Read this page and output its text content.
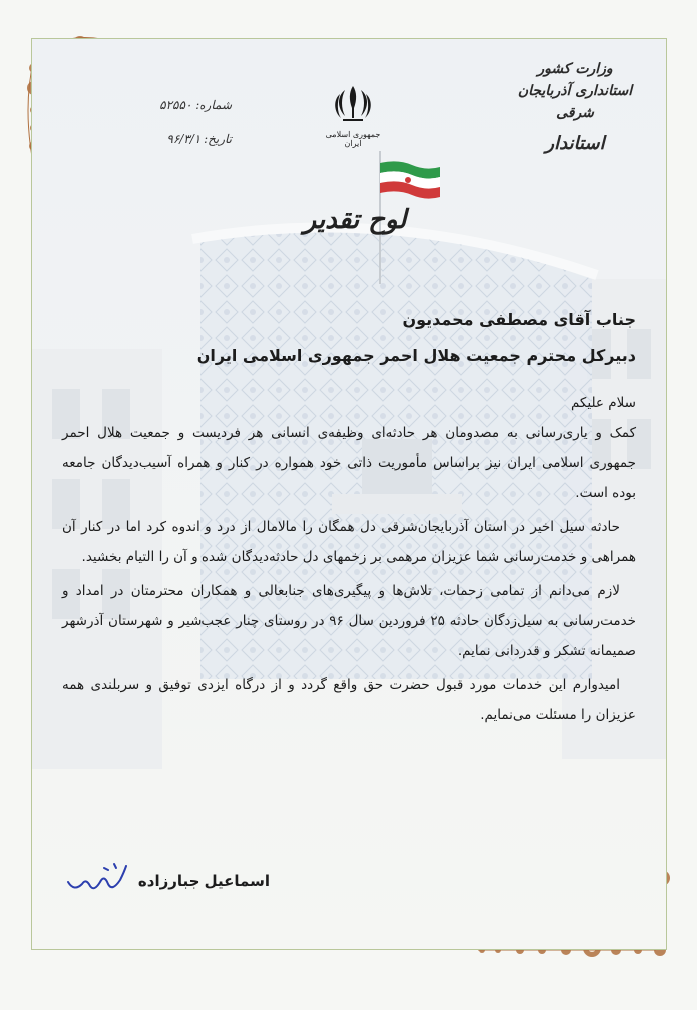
جمهوری اسلامی ایران
وزارت کشور
استانداری آذربایجان شرقی
استاندار
شماره: ۵۲۵۵۰
تاریخ: ۹۶/۳/۱
لوح تقدیر

جناب آقای مصطفی محمدیون

دبیرکل محترم جمعیت هلال احمر جمهوری اسلامی ایران

سلام علیکم

کمک و یاری‌رسانی به مصدومان هر حادثه‌ای وظیفه‌ی انسانی هر فردیست و جمعیت هلال احمر جمهوری اسلامی ایران نیز براساس مأموریت ذاتی خود همواره در کنار و همراه آسیب‌دیدگان جامعه بوده است.

حادثه سیل اخیر در استان آذربایجان‌شرقی دل همگان را مالامال از درد و اندوه کرد اما در کنار آن همراهی و خدمت‌رسانی شما عزیزان مرهمی بر زخمهای دل حادثه‌دیدگان شده و آن را التیام بخشید.

لازم می‌دانم از تمامی زحمات، تلاش‌ها و پیگیری‌های جنابعالی و همکاران محترمتان در امداد و خدمت‌رسانی به سیل‌زدگان حادثه ۲۵ فروردین سال ۹۶ در روستای چنار عجب‌شیر و شهرستان آذرشهر صمیمانه تشکر و قدردانی نمایم.

امیدوارم این خدمات مورد قبول حضرت حق واقع گردد و از درگاه ایزدی توفیق و سربلندی همه عزیزان را مسئلت می‌نمایم.

اسماعیل جبارزاده
